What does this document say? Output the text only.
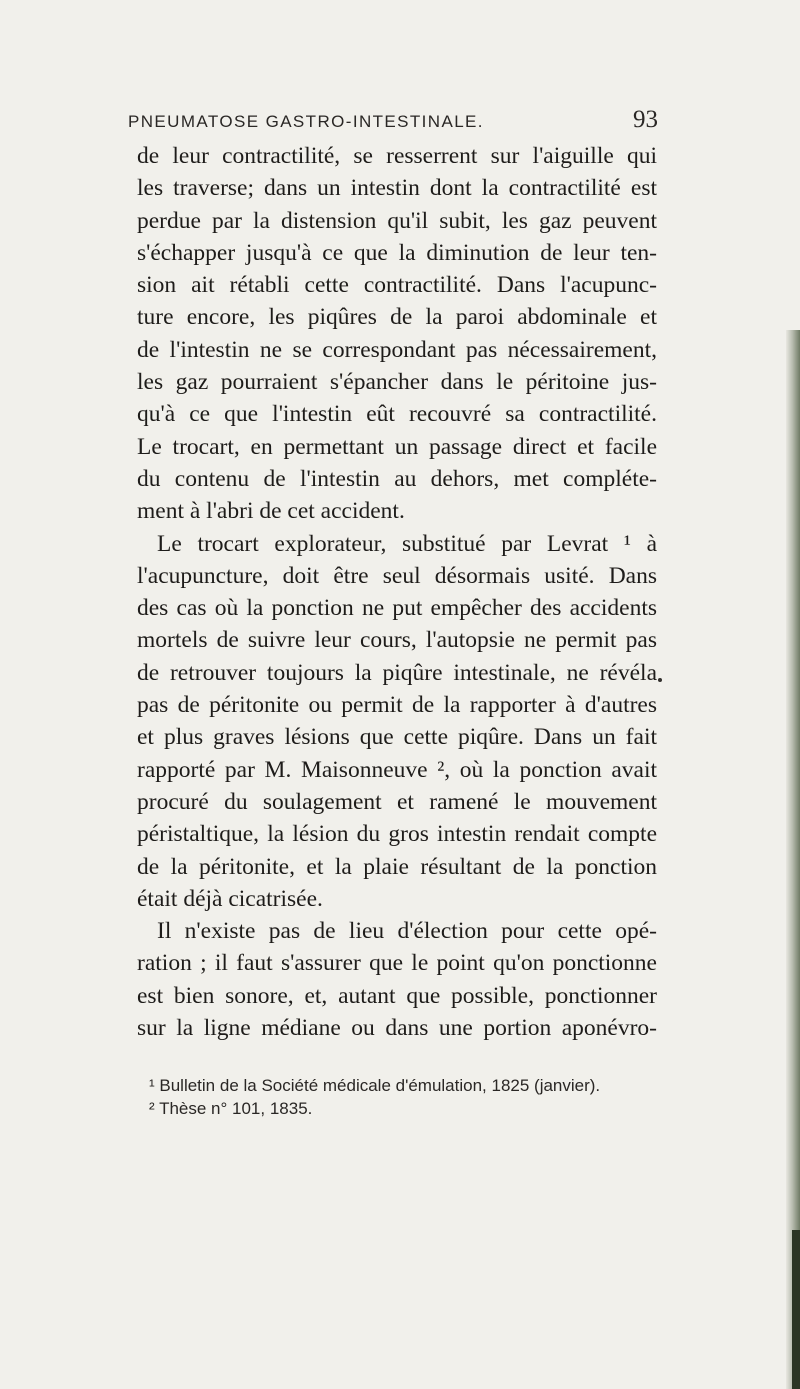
PNEUMATOSE GASTRO-INTESTINALE.	93
de leur contractilité, se resserrent sur l'aiguille qui
les traverse; dans un intestin dont la contractilité est
perdue par la distension qu'il subit, les gaz peuvent
s'échapper jusqu'à ce que la diminution de leur ten-
sion ait rétabli cette contractilité. Dans l'acupunc-
ture encore, les piqûres de la paroi abdominale et
de l'intestin ne se correspondant pas nécessairement,
les gaz pourraient s'épancher dans le péritoine jus-
qu'à ce que l'intestin eût recouvré sa contractilité.
Le trocart, en permettant un passage direct et facile
du contenu de l'intestin au dehors, met compléte-
ment à l'abri de cet accident.
Le trocart explorateur, substitué par Levrat ¹ à
l'acupuncture, doit être seul désormais usité. Dans
des cas où la ponction ne put empêcher des accidents
mortels de suivre leur cours, l'autopsie ne permit pas
de retrouver toujours la piqûre intestinale, ne révéla
pas de péritonite ou permit de la rapporter à d'autres
et plus graves lésions que cette piqûre. Dans un fait
rapporté par M. Maisonneuve ², où la ponction avait
procuré du soulagement et ramené le mouvement
péristaltique, la lésion du gros intestin rendait compte
de la péritonite, et la plaie résultant de la ponction
était déjà cicatrisée.
Il n'existe pas de lieu d'élection pour cette opé-
ration ; il faut s'assurer que le point qu'on ponctionne
est bien sonore, et, autant que possible, ponctionner
sur la ligne médiane ou dans une portion aponévro-
¹ Bulletin de la Société médicale d'émulation, 1825 (janvier).
² Thèse n° 101, 1835.
